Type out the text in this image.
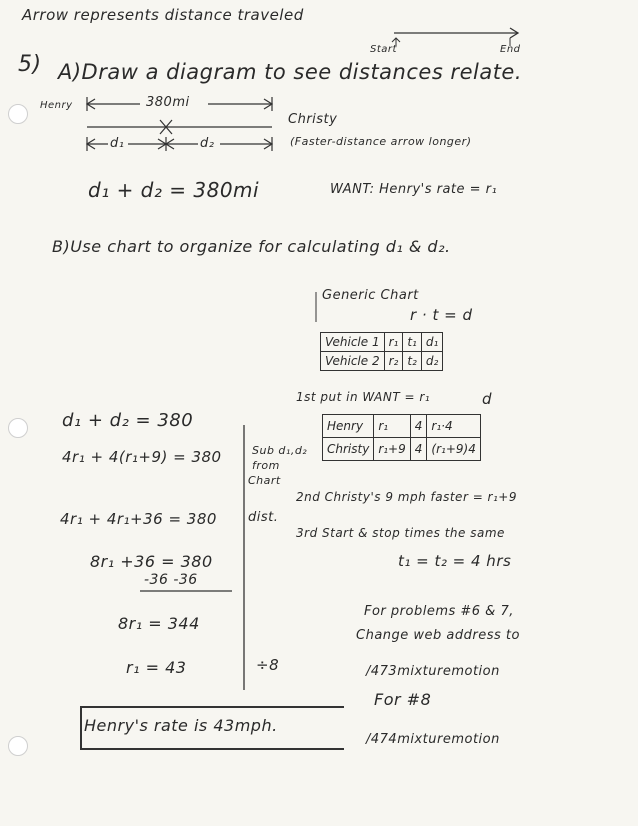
Arrow represents distance traveled
Start	End
5) A)Draw a diagram to see distances relate.
Henry	380mi
d₁	d₂
Christy
(Faster-distance arrow longer)
d₁ + d₂ = 380mi	WANT: Henry's rate = r₁
B)Use chart to organize for calculating d₁ & d₂.
Generic Chart
r · t = d
Vehicle 1	r₁	t₁	d₁
Vehicle 2	r₂	t₂	d₂
1st put in WANT = r₁	d
Henry	r₁	4	r₁·4
Christy	r₁+9	4	(r₁+9)4
2nd Christy's 9 mph faster = r₁+9
3rd Start & stop times the same
t₁ = t₂ = 4 hrs
d₁ + d₂ = 380
4r₁ + 4(r₁+9) = 380	Sub d₁,d₂
from
Chart
4r₁ + 4r₁+36 = 380 dist.
8r₁ +36 = 380
-36 -36
8r₁ = 344
r₁ = 43	÷8
For problems #6 & 7,
Change web address to
/473mixturemotion
For #8
/474mixturemotion
Henry's rate is 43mph.
